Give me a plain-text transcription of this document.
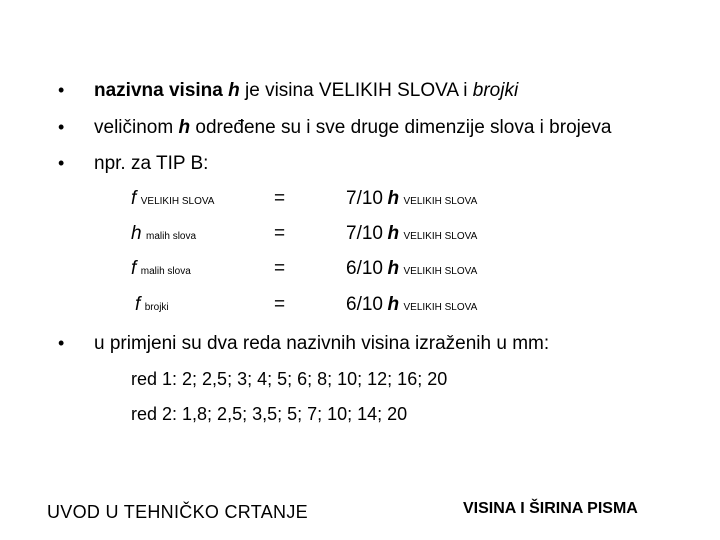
• nazivna visina h je visina VELIKIH SLOVA i brojki
• veličinom h određene su i sve druge dimenzije slova i brojeva
• npr. za TIP B:
f VELIKIH SLOVA	=	7/10 h VELIKIH SLOVA
h malih slova	=	7/10 h VELIKIH SLOVA
f malih slova	=	6/10 h VELIKIH SLOVA
f brojki	=	6/10 h VELIKIH SLOVA
• u primjeni su dva reda nazivnih visina izraženih u mm:
red 1: 2; 2,5; 3; 4; 5; 6; 8; 10; 12; 16; 20
red 2: 1,8; 2,5; 3,5; 5; 7; 10; 14; 20
UVOD U TEHNIČKO CRTANJE	VISINA I ŠIRINA PISMA
